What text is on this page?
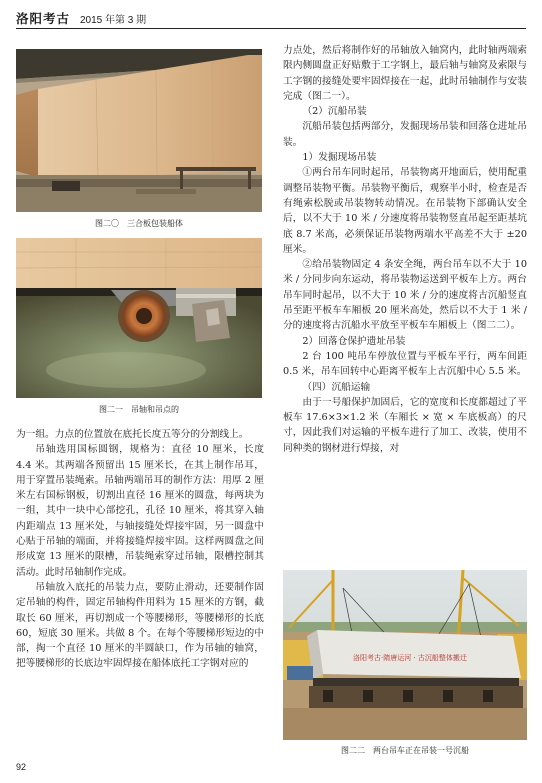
洛阳考古 2015 年第 3 期
图二〇　三合板包装船体
图二一　吊轴和吊点的

为一组。力点的位置放在底托长度五等分的分割线上。

吊轴选用国标圆钢，规格为：直径 10 厘米，长度 4.4 米。其两端各预留出 15 厘米长，在其上制作吊耳，用于穿置吊装绳索。吊轴两端吊耳的制作方法：用厚 2 厘米左右国标钢板，切割出直径 16 厘米的圆盘，每两块为一组，其中一块中心部挖孔，孔径 10 厘米，将其穿入轴内距端点 13 厘米处，与轴接缝处焊接牢固，另一圆盘中心贴于吊轴的端面，并将接缝焊接牢固。这样两圆盘之间形成宽 13 厘米的限槽，吊装绳索穿过吊轴，限槽控制其活动。此时吊轴制作完成。

吊轴放入底托的吊装力点，要防止滑动，还要制作固定吊轴的构件，固定吊轴构件用料为 15 厘米的方钢，截取长 60 厘米，再切割成一个等腰梯形，等腰梯形的长底 60，短底 30 厘米。共做 8 个。在每个等腰梯形短边的中部，掏一个直径 10 厘米的半圆缺口，作为吊轴的轴窝，把等腰梯形的长底边牢固焊接在船体底托工字钢对应的

力点处，然后将制作好的吊轴放入轴窝内，此时轴两端索限内侧圆盘正好贴敷于工字钢上，最后轴与轴窝及索限与工字钢的接缝处要牢固焊接在一起，此时吊轴制作与安装完成（图二一）。

（2）沉船吊装

沉船吊装包括两部分，发掘现场吊装和回落仓进址吊装。

1）发掘现场吊装

①两台吊车同时起吊，吊装物离开地面后，使用配重调整吊装物平衡。吊装物平衡后，观察半小时，检查是否有绳索松脱或吊装物转动情况。在吊装物下部确认安全后，以不大于 10 米 / 分速度将吊装物竖直吊起至距基坑底 8.7 米高，必须保证吊装物两端水平高差不大于 ±20 厘米。

②给吊装物固定 4 条安全绳，两台吊车以不大于 10 米 / 分同步向东运动，将吊装物运送到平板车上方。两台吊车同时起吊，以不大于 10 米 / 分的速度将古沉船竖直吊至距平板车车厢板 20 厘米高处，然后以不大于 1 米 / 分的速度将古沉船水平放至平板车车厢板上（图二二）。

2）回落仓保护遗址吊装

2 台 100 吨吊车停放位置与平板车平行，两车间距 0.5 米，吊车回转中心距离平板车上古沉船中心 5.5 米。

（四）沉船运输

由于一号船保护加固后，它的宽度和长度都超过了平板车 17.6×3×1.2 米（车厢长 × 宽 × 车底板高）的尺寸，因此我们对运输的平板车进行了加工、改装，使用不同种类的钢材进行焊接，对

洛阳考古·隋唐运河 · 古沉船整体搬迁
图二二　两台吊车正在吊装一号沉船
92
